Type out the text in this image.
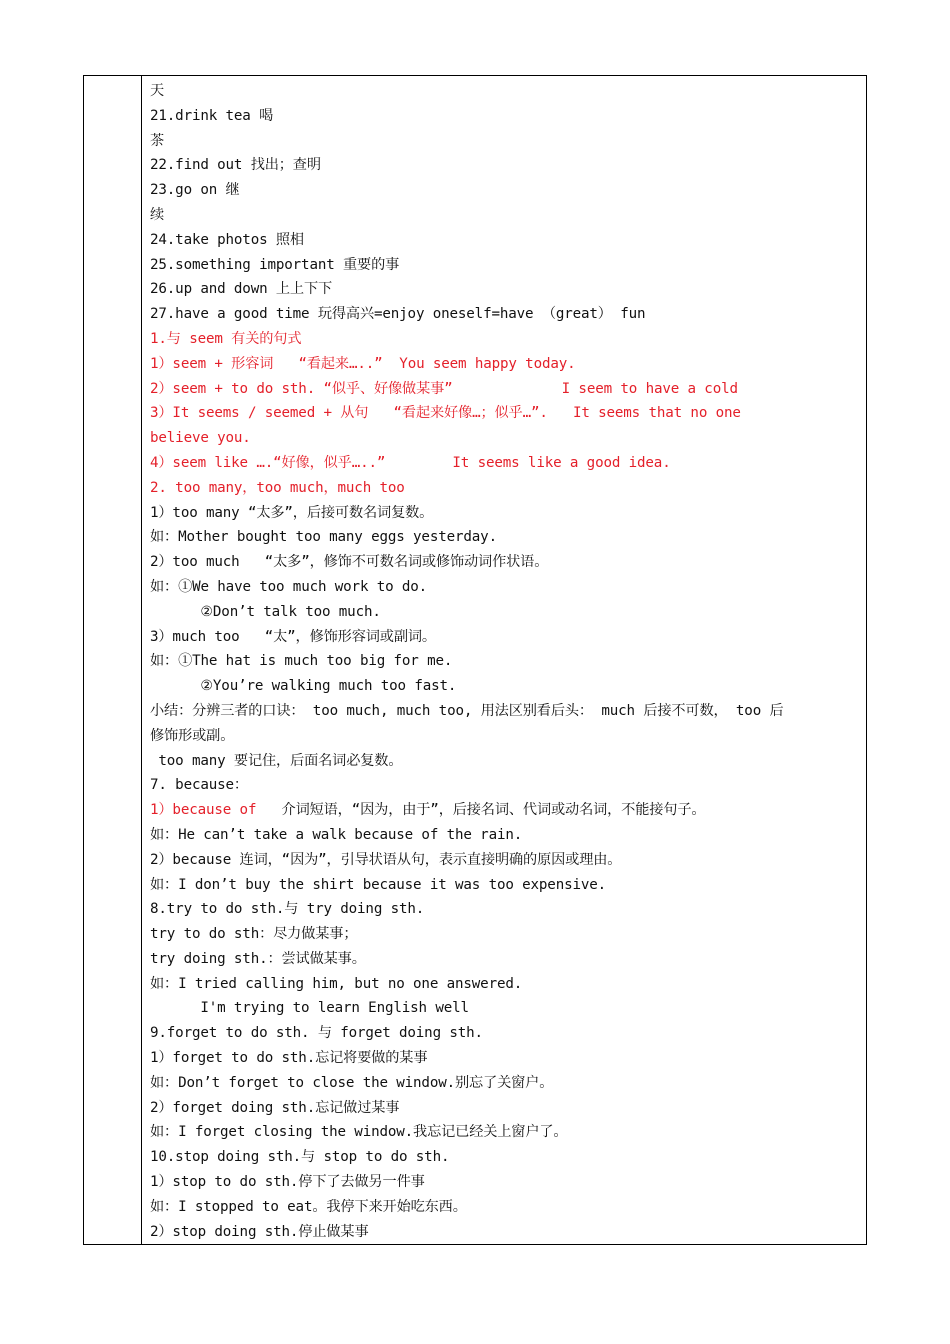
天
21.drink tea 喝
茶
22.find out 找出；查明
23.go on 继
续
24.take photos 照相
25.something important 重要的事
26.up and down 上上下下
27.have a good time 玩得高兴=enjoy oneself=have （great） fun
1.与 seem 有关的句式
1）seem + 形容词   “看起来…..”  You seem happy today.
2）seem + to do sth. “似乎、好像做某事”             I seem to have a cold
3）It seems / seemed + 从句   “看起来好像…；似乎…”.   It seems that no one
believe you.
4）seem like ….“好像，似乎…..”        It seems like a good idea.
2. too many，too much，much too
1）too many “太多”，后接可数名词复数。
如：Mother bought too many eggs yesterday.
2）too much   “太多”，修饰不可数名词或修饰动词作状语。
如：①We have too much work to do.
②Don’t talk too much.
3）much too   “太”，修饰形容词或副词。
如：①The hat is much too big for me.
②You’re walking much too fast.
小结：分辨三者的口诀： too much, much too, 用法区别看后头： much 后接不可数， too 后
修饰形或副。
too many 要记住，后面名词必复数。
7. because：
1）because of   介词短语，“因为，由于”，后接名词、代词或动名词，不能接句子。
如：He can’t take a walk because of the rain.
2）because 连词，“因为”，引导状语从句，表示直接明确的原因或理由。
如：I don’t buy the shirt because it was too expensive.
8.try to do sth.与 try doing sth.
try to do sth：尽力做某事；
try doing sth.：尝试做某事。
如：I tried calling him, but no one answered.
I'm trying to learn English well
9.forget to do sth. 与 forget doing sth.
1）forget to do sth.忘记将要做的某事
如：Don’t forget to close the window.别忘了关窗户。
2）forget doing sth.忘记做过某事
如：I forget closing the window.我忘记已经关上窗户了。
10.stop doing sth.与 stop to do sth.
1）stop to do sth.停下了去做另一件事
如：I stopped to eat。我停下来开始吃东西。
2）stop doing sth.停止做某事
